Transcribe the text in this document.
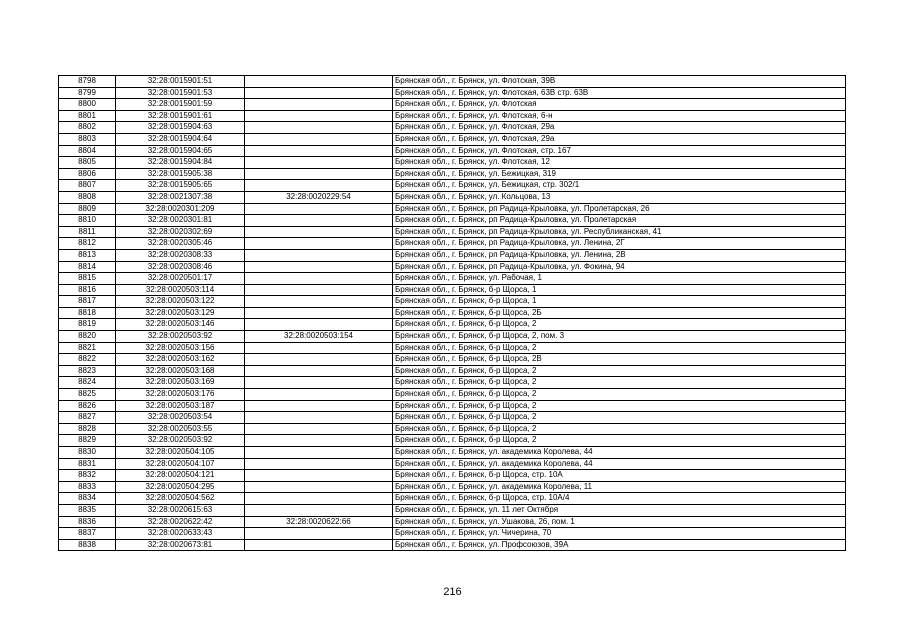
8798	32:28:0015901:51		Брянская обл., г. Брянск, ул. Флотская, 39В
8799	32:28:0015901:53		Брянская обл., г. Брянск, ул. Флотская, 63В стр. 63В
8800	32:28:0015901:59		Брянская обл., г. Брянск, ул. Флотская
8801	32:28:0015901:61		Брянская обл., г. Брянск, ул. Флотская, 6-н
8802	32:28:0015904:63		Брянская обл., г. Брянск, ул. Флотская, 29а
8803	32:28:0015904:64		Брянская обл., г. Брянск, ул. Флотская, 29а
8804	32:28:0015904:65		Брянская обл., г. Брянск, ул. Флотская, стр. 167
8805	32:28:0015904:84		Брянская обл., г. Брянск, ул. Флотская, 12
8806	32:28:0015905:38		Брянская обл., г. Брянск, ул. Бежицкая, 319
8807	32:28:0015905:65		Брянская обл., г. Брянск, ул. Бежицкая, стр. 302/1
8808	32:28:0021307:38	32:28:0020229:54	Брянская обл., г. Брянск, ул. Кольцова, 13
8809	32:28:0020301:209		Брянская обл., г. Брянск, рп Радица-Крыловка, ул. Пролетарская, 26
8810	32:28:0020301:81		Брянская обл., г. Брянск, рп Радица-Крыловка, ул. Пролетарская
8811	32:28:0020302:69		Брянская обл., г. Брянск, рп Радица-Крыловка, ул. Республиканская, 41
8812	32:28:0020305:46		Брянская обл., г. Брянск, рп Радица-Крыловка, ул. Ленина, 2Г
8813	32:28:0020308:33		Брянская обл., г. Брянск, рп Радица-Крыловка, ул. Ленина, 2В
8814	32:28:0020308:46		Брянская обл., г. Брянск, рп Радица-Крыловка, ул. Фокина, 94
8815	32:28:0020501:17		Брянская обл., г. Брянск, ул. Рабочая, 1
8816	32:28:0020503:114		Брянская обл., г. Брянск, б-р Щорса, 1
8817	32:28:0020503:122		Брянская обл., г. Брянск, б-р Щорса, 1
8818	32:28:0020503:129		Брянская обл., г. Брянск, б-р Щорса, 2Б
8819	32:28:0020503:146		Брянская обл., г. Брянск, б-р Щорса, 2
8820	32:28:0020503:92	32:28:0020503:154	Брянская обл., г. Брянск, б-р Щорса, 2, пом. 3
8821	32:28:0020503:156		Брянская обл., г. Брянск, б-р Щорса, 2
8822	32:28:0020503:162		Брянская обл., г. Брянск, б-р Щорса, 2В
8823	32:28:0020503:168		Брянская обл., г. Брянск, б-р Щорса, 2
8824	32:28:0020503:169		Брянская обл., г. Брянск, б-р Щорса, 2
8825	32:28:0020503:176		Брянская обл., г. Брянск, б-р Щорса, 2
8826	32:28:0020503:187		Брянская обл., г. Брянск, б-р Щорса, 2
8827	32:28:0020503:54		Брянская обл., г. Брянск, б-р Щорса, 2
8828	32:28:0020503:55		Брянская обл., г. Брянск, б-р Щорса, 2
8829	32:28:0020503:92		Брянская обл., г. Брянск, б-р Щорса, 2
8830	32:28:0020504:105		Брянская обл., г. Брянск, ул. академика Королева, 44
8831	32:28:0020504:107		Брянская обл., г. Брянск, ул. академика Королева, 44
8832	32:28:0020504:121		Брянская обл., г. Брянск, б-р Щорса, стр. 10А
8833	32:28:0020504:295		Брянская обл., г. Брянск, ул. академика Королева, 11
8834	32:28:0020504:562		Брянская обл., г. Брянск, б-р Щорса, стр. 10А/4
8835	32:28:0020615:63		Брянская обл., г. Брянск, ул. 11 лет Октября
8836	32:28:0020622:42	32:28:0020622:66	Брянская обл., г. Брянск, ул. Ушакова, 26, пом. 1
8837	32:28:0020633:43		Брянская обл., г. Брянск, ул. Чичерина, 70
8838	32:28:0020673:81		Брянская обл., г. Брянск, ул. Профсоюзов, 39А
216
